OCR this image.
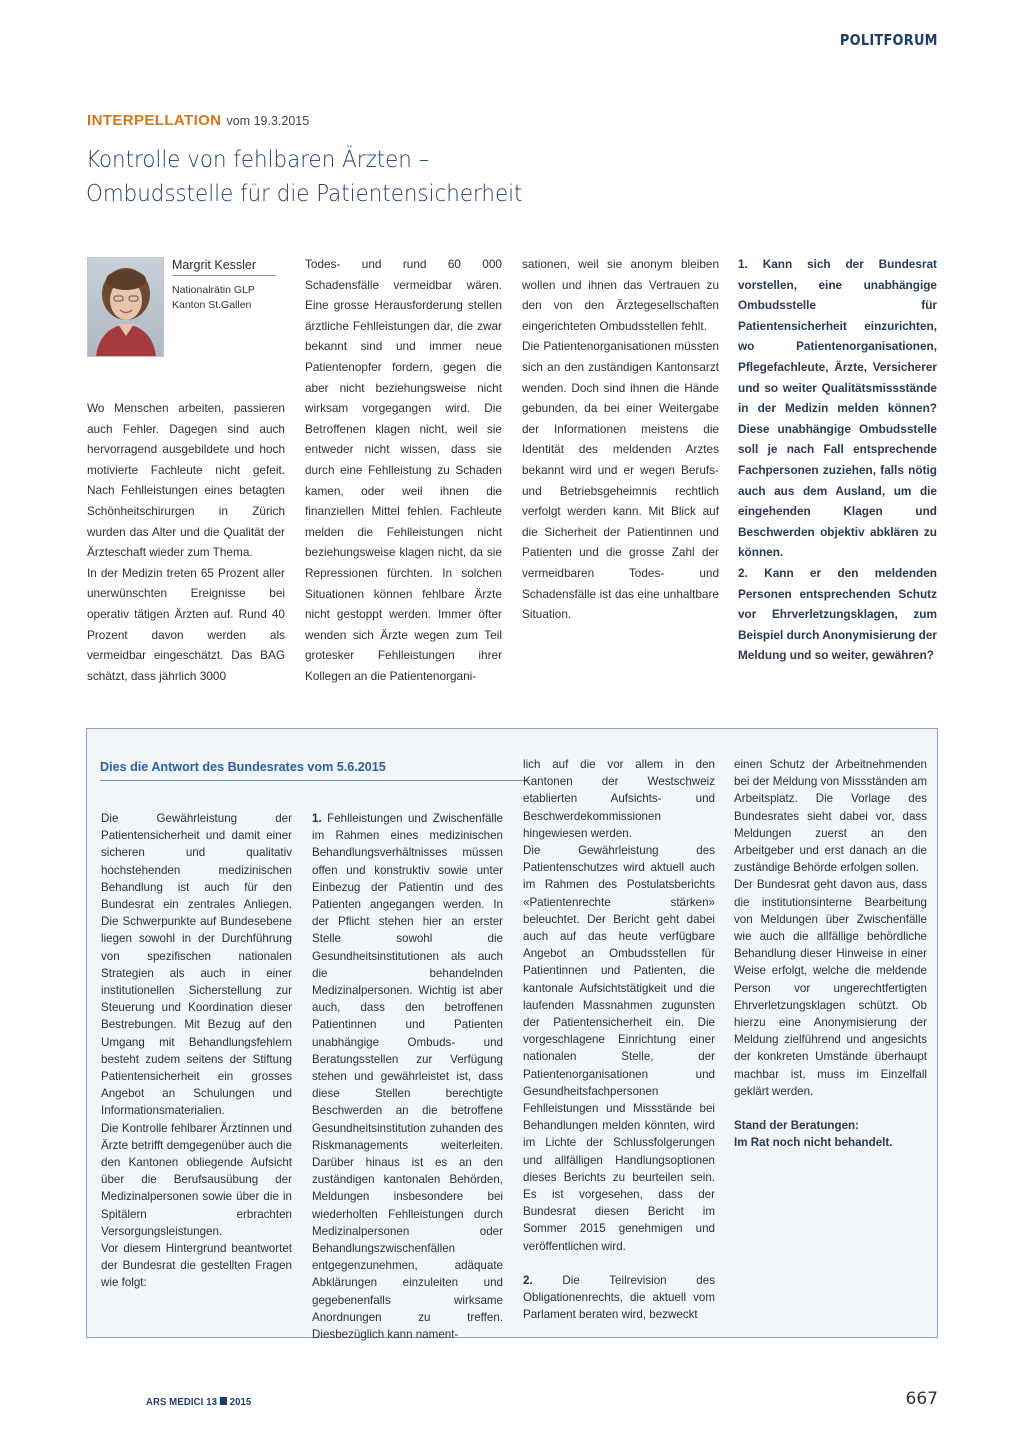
POLITFORUM
INTERPELLATION vom 19.3.2015
Kontrolle von fehlbaren Ärzten –
Ombudsstelle für die Patientensicherheit
Margrit Kessler
Nationalrätin GLP
Kanton St.Gallen

Wo Menschen arbeiten, passieren auch Fehler. Dagegen sind auch hervorragend ausgebildete und hoch motivierte Fachleute nicht gefeit. Nach Fehlleistungen eines betagten Schönheitschirurgen in Zürich wurden das Alter und die Qualität der Ärzteschaft wieder zum Thema.

In der Medizin treten 65 Prozent aller unerwünschten Ereignisse bei operativ tätigen Ärzten auf. Rund 40 Prozent davon werden als vermeidbar eingeschätzt. Das BAG schätzt, dass jährlich 3000

Todes- und rund 60 000 Schadensfälle vermeidbar wären. Eine grosse Herausforderung stellen ärztliche Fehlleistungen dar, die zwar bekannt sind und immer neue Patientenopfer fordern, gegen die aber nicht beziehungsweise nicht wirksam vorgegangen wird. Die Betroffenen klagen nicht, weil sie entweder nicht wissen, dass sie durch eine Fehlleistung zu Schaden kamen, oder weil ihnen die finanziellen Mittel fehlen. Fachleute melden die Fehlleistungen nicht beziehungsweise klagen nicht, da sie Repressionen fürchten. In solchen Situationen können fehlbare Ärzte nicht gestoppt werden. Immer öfter wenden sich Ärzte wegen zum Teil grotesker Fehlleistungen ihrer Kollegen an die Patientenorgani-

sationen, weil sie anonym bleiben wollen und ihnen das Vertrauen zu den von den Ärztegesellschaften eingerichteten Ombudsstellen fehlt.

Die Patientenorganisationen müssten sich an den zuständigen Kantonsarzt wenden. Doch sind ihnen die Hände gebunden, da bei einer Weitergabe der Informationen meistens die Identität des meldenden Arztes bekannt wird und er wegen Berufs- und Betriebsgeheimnis rechtlich verfolgt werden kann. Mit Blick auf die Sicherheit der Patientinnen und Patienten und die grosse Zahl der vermeidbaren Todes- und Schadensfälle ist das eine unhaltbare Situation.

1. Kann sich der Bundesrat vorstellen, eine unabhängige Ombudsstelle für Patientensicherheit einzurichten, wo Patientenorganisationen, Pflegefachleute, Ärzte, Versicherer und so weiter Qualitätsmissstände in der Medizin melden können? Diese unabhängige Ombudsstelle soll je nach Fall entsprechende Fachpersonen zuziehen, falls nötig auch aus dem Ausland, um die eingehenden Klagen und Beschwerden objektiv abklären zu können.

2. Kann er den meldenden Personen entsprechenden Schutz vor Ehrverletzungsklagen, zum Beispiel durch Anonymisierung der Meldung und so weiter, gewähren?

Dies die Antwort des Bundesrates vom 5.6.2015

Die Gewährleistung der Patientensicherheit und damit einer sicheren und qualitativ hochstehenden medizinischen Behandlung ist auch für den Bundesrat ein zentrales Anliegen. Die Schwerpunkte auf Bundesebene liegen sowohl in der Durchführung von spezifischen nationalen Strategien als auch in einer institutionellen Sicherstellung zur Steuerung und Koordination dieser Bestrebungen. Mit Bezug auf den Umgang mit Behandlungsfehlern besteht zudem seitens der Stiftung Patientensicherheit ein grosses Angebot an Schulungen und Informationsmaterialien.

Die Kontrolle fehlbarer Ärztinnen und Ärzte betrifft demgegenüber auch die den Kantonen obliegende Aufsicht über die Berufsausübung der Medizinalpersonen sowie über die in Spitälern erbrachten Versorgungsleistungen.

Vor diesem Hintergrund beantwortet der Bundesrat die gestellten Fragen wie folgt:

1. Fehlleistungen und Zwischenfälle im Rahmen eines medizinischen Behandlungsverhältnisses müssen offen und konstruktiv sowie unter Einbezug der Patientin und des Patienten angegangen werden. In der Pflicht stehen hier an erster Stelle sowohl die Gesundheitsinstitutionen als auch die behandelnden Medizinalpersonen. Wichtig ist aber auch, dass den betroffenen Patientinnen und Patienten unabhängige Ombuds- und Beratungsstellen zur Verfügung stehen und gewährleistet ist, dass diese Stellen berechtigte Beschwerden an die betroffene Gesundheitsinstitution zuhanden des Riskmanagements weiterleiten. Darüber hinaus ist es an den zuständigen kantonalen Behörden, Meldungen insbesondere bei wiederholten Fehlleistungen durch Medizinalpersonen oder Behandlungszwischenfällen entgegenzunehmen, adäquate Abklärungen einzuleiten und gegebenenfalls wirksame Anordnungen zu treffen. Diesbezüglich kann nament-

lich auf die vor allem in den Kantonen der Westschweiz etablierten Aufsichts- und Beschwerdekommissionen hingewiesen werden.

Die Gewährleistung des Patientenschutzes wird aktuell auch im Rahmen des Postulatsberichts «Patientenrechte stärken» beleuchtet. Der Bericht geht dabei auch auf das heute verfügbare Angebot an Ombudsstellen für Patientinnen und Patienten, die kantonale Aufsichtstätigkeit und die laufenden Massnahmen zugunsten der Patientensicherheit ein. Die vorgeschlagene Einrichtung einer nationalen Stelle, der Patientenorganisationen und Gesundheitsfachpersonen Fehlleistungen und Missstände bei Behandlungen melden könnten, wird im Lichte der Schlussfolgerungen und allfälligen Handlungsoptionen dieses Berichts zu beurteilen sein. Es ist vorgesehen, dass der Bundesrat diesen Bericht im Sommer 2015 genehmigen und veröffentlichen wird.

2.	Die Teilrevision des Obligationenrechts, die aktuell vom Parlament beraten wird, bezweckt

einen Schutz der Arbeitnehmenden bei der Meldung von Missständen am Arbeitsplatz. Die Vorlage des Bundesrates sieht dabei vor, dass Meldungen zuerst an den Arbeitgeber und erst danach an die zuständige Behörde erfolgen sollen.

Der Bundesrat geht davon aus, dass die institutionsinterne Bearbeitung von Meldungen über Zwischenfälle wie auch die allfällige behördliche Behandlung dieser Hinweise in einer Weise erfolgt, welche die meldende Person vor ungerechtfertigten Ehrverletzungsklagen schützt. Ob hierzu eine Anonymisierung der Meldung zielführend und angesichts der konkreten Umstände überhaupt machbar ist, muss im Einzelfall geklärt werden.

Stand der Beratungen:

Im Rat noch nicht behandelt.

ARS MEDICI 13 2015	667
